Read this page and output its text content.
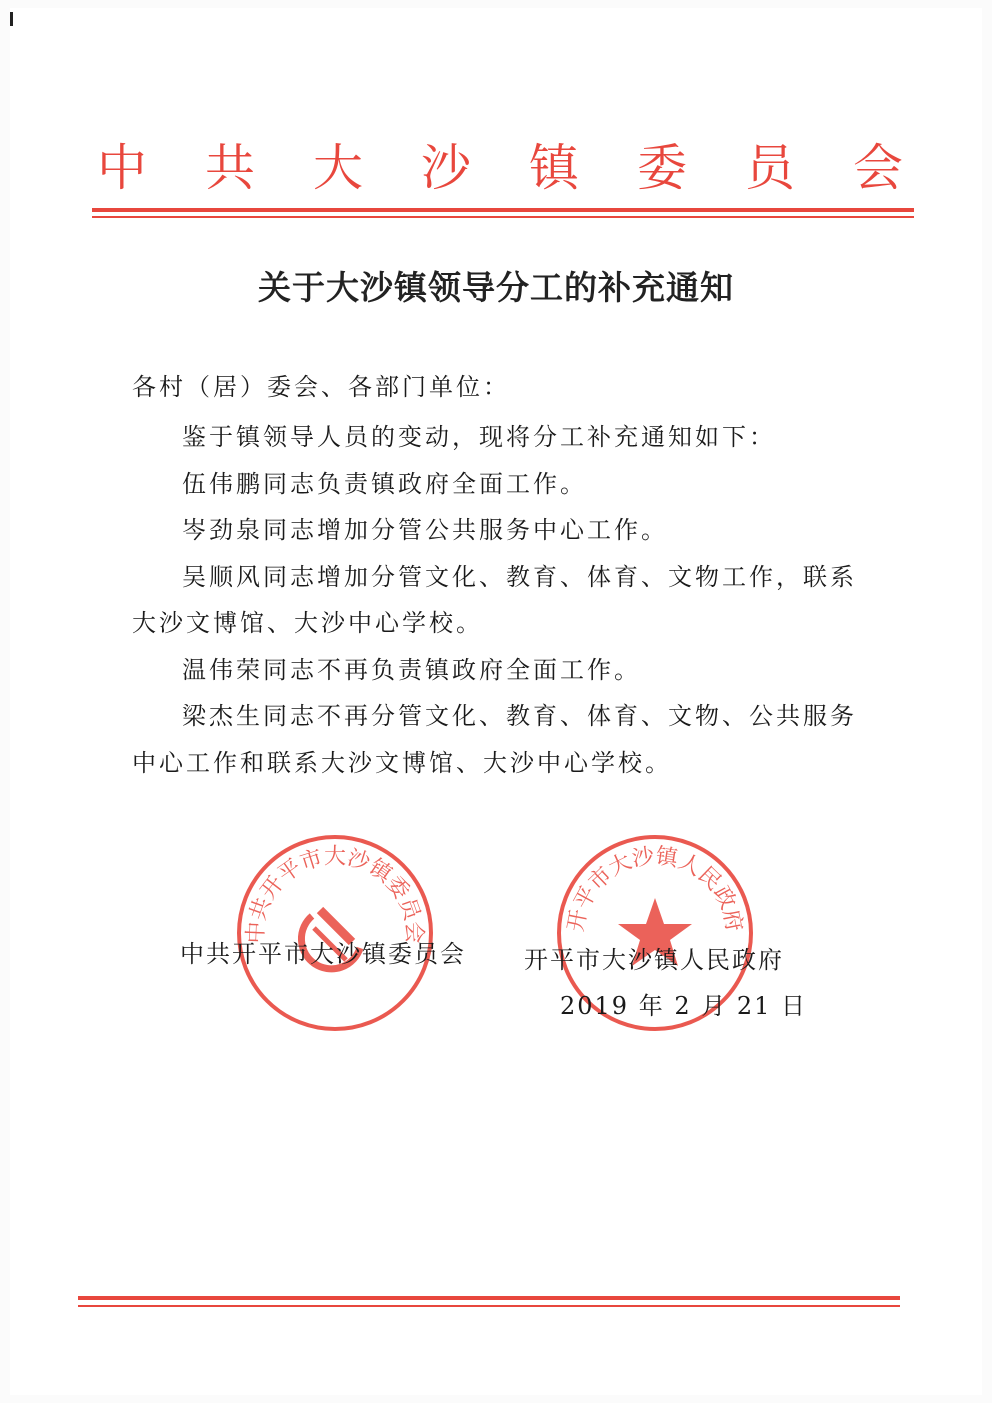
中 共 大 沙 镇 委 员 会
关于大沙镇领导分工的补充通知
各村（居）委会、各部门单位：

鉴于镇领导人员的变动，现将分工补充通知如下：

伍伟鹏同志负责镇政府全面工作。

岑劲泉同志增加分管公共服务中心工作。

吴顺风同志增加分管文化、教育、体育、文物工作，联系大沙文博馆、大沙中心学校。

温伟荣同志不再负责镇政府全面工作。

梁杰生同志不再分管文化、教育、体育、文物、公共服务中心工作和联系大沙文博馆、大沙中心学校。

中共开平市大沙镇委员会	开平市大沙镇人民政府
中共开平市大沙镇委员会 开平市大沙镇人民政府
2019 年 2 月 21 日
